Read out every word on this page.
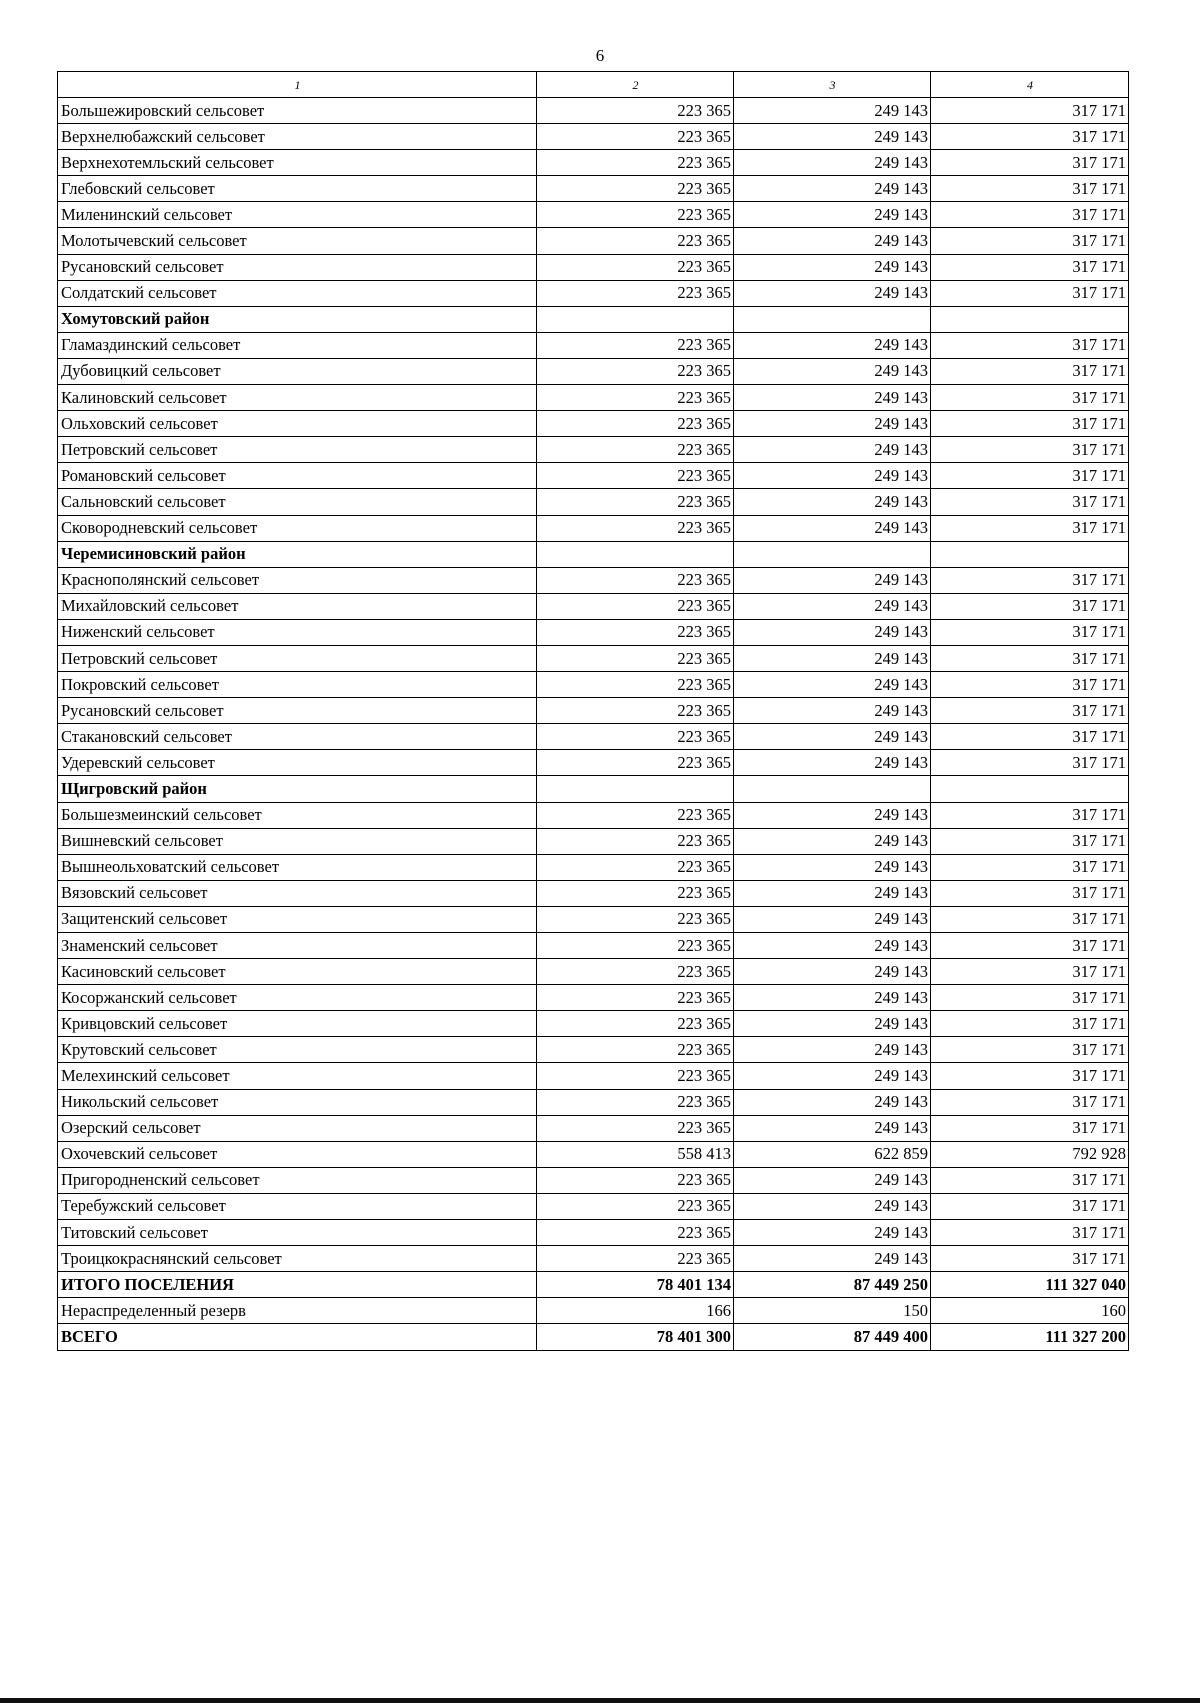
6
1	2	3	4
Большежировский сельсовет	223 365	249 143	317 171
Верхнелюбажский сельсовет	223 365	249 143	317 171
Верхнехотемльский сельсовет	223 365	249 143	317 171
Глебовский сельсовет	223 365	249 143	317 171
Миленинский сельсовет	223 365	249 143	317 171
Молотычевский сельсовет	223 365	249 143	317 171
Русановский сельсовет	223 365	249 143	317 171
Солдатский сельсовет	223 365	249 143	317 171
Хомутовский район			
Гламаздинский сельсовет	223 365	249 143	317 171
Дубовицкий сельсовет	223 365	249 143	317 171
Калиновский сельсовет	223 365	249 143	317 171
Ольховский сельсовет	223 365	249 143	317 171
Петровский сельсовет	223 365	249 143	317 171
Романовский сельсовет	223 365	249 143	317 171
Сальновский сельсовет	223 365	249 143	317 171
Сковородневский сельсовет	223 365	249 143	317 171
Черемисиновский район			
Краснополянский сельсовет	223 365	249 143	317 171
Михайловский сельсовет	223 365	249 143	317 171
Ниженский сельсовет	223 365	249 143	317 171
Петровский сельсовет	223 365	249 143	317 171
Покровский сельсовет	223 365	249 143	317 171
Русановский сельсовет	223 365	249 143	317 171
Стакановский сельсовет	223 365	249 143	317 171
Удеревский сельсовет	223 365	249 143	317 171
Щигровский район			
Большезмеинский сельсовет	223 365	249 143	317 171
Вишневский сельсовет	223 365	249 143	317 171
Вышнеольховатский сельсовет	223 365	249 143	317 171
Вязовский сельсовет	223 365	249 143	317 171
Защитенский сельсовет	223 365	249 143	317 171
Знаменский сельсовет	223 365	249 143	317 171
Касиновский сельсовет	223 365	249 143	317 171
Косоржанский сельсовет	223 365	249 143	317 171
Кривцовский сельсовет	223 365	249 143	317 171
Крутовский сельсовет	223 365	249 143	317 171
Мелехинский сельсовет	223 365	249 143	317 171
Никольский сельсовет	223 365	249 143	317 171
Озерский сельсовет	223 365	249 143	317 171
Охочевский сельсовет	558 413	622 859	792 928
Пригородненский сельсовет	223 365	249 143	317 171
Теребужский сельсовет	223 365	249 143	317 171
Титовский сельсовет	223 365	249 143	317 171
Троицкокраснянский сельсовет	223 365	249 143	317 171
ИТОГО ПОСЕЛЕНИЯ	78 401 134	87 449 250	111 327 040
Нераспределенный резерв	166	150	160
ВСЕГО	78 401 300	87 449 400	111 327 200
